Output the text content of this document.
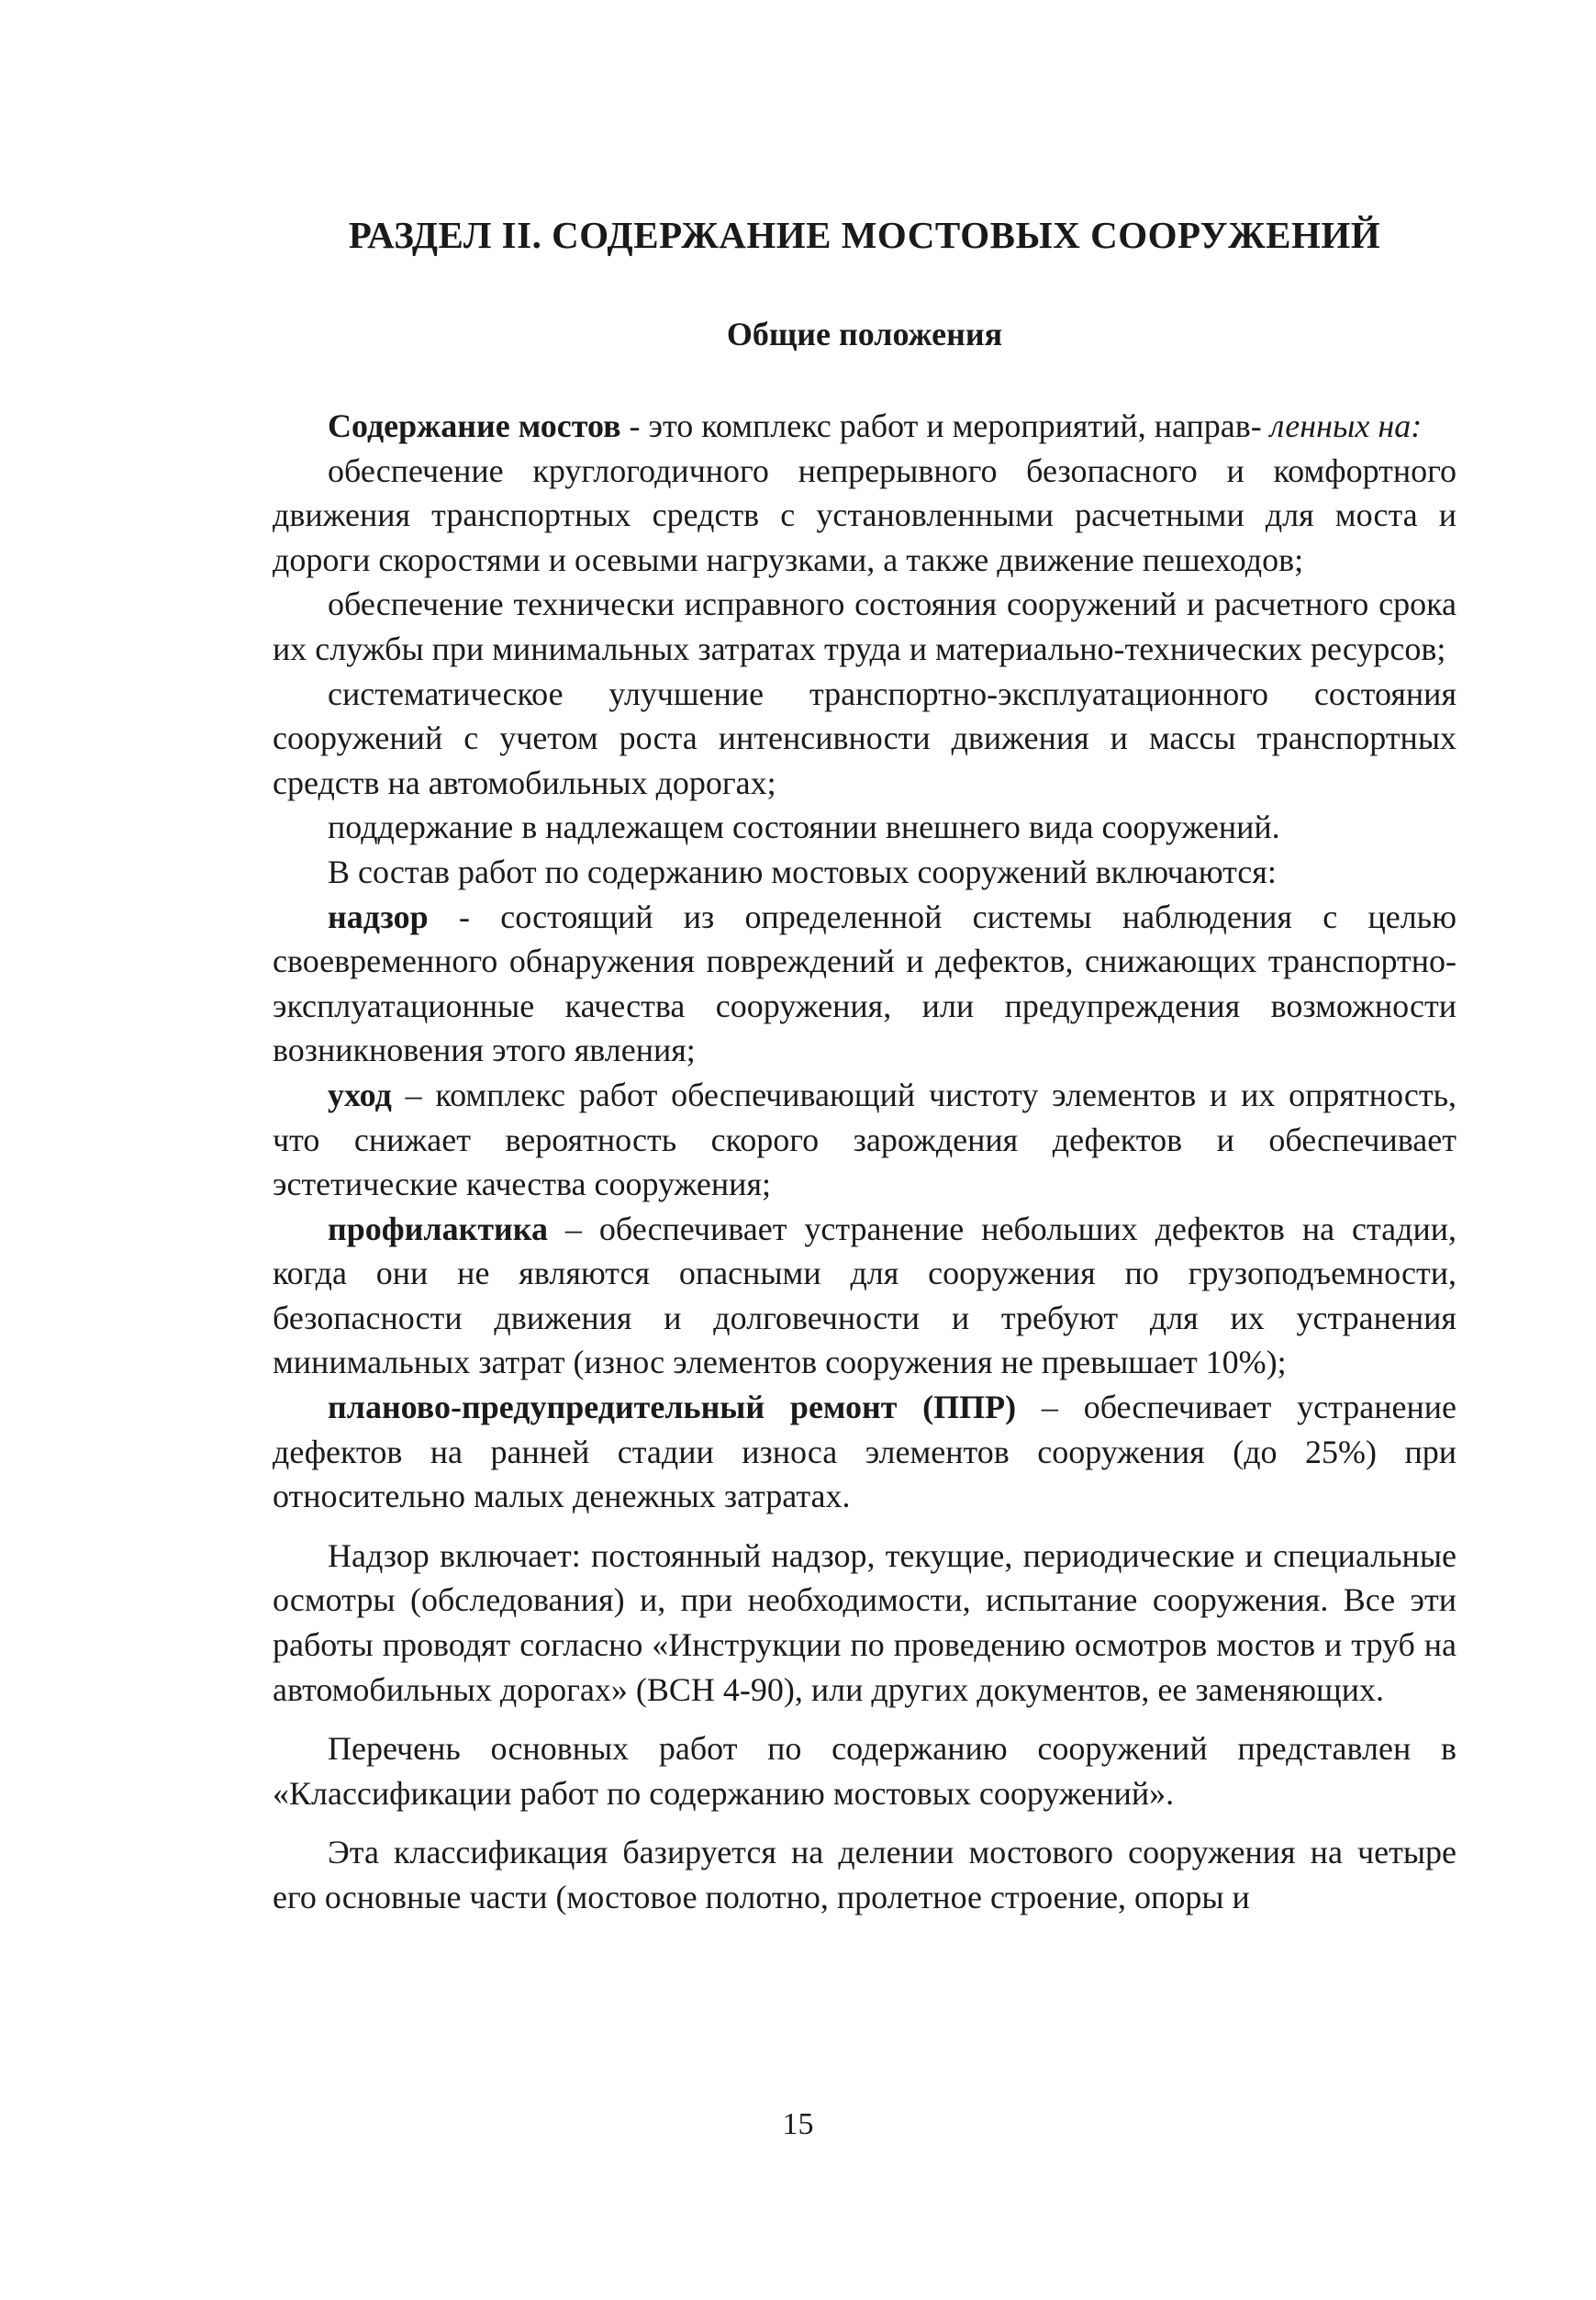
РАЗДЕЛ II. СОДЕРЖАНИЕ МОСТОВЫХ СООРУЖЕНИЙ
Общие положения

Содержание мостов - это комплекс работ и мероприятий, направ- ленных на:

обеспечение круглогодичного непрерывного безопасного и комфортного движения транспортных средств с установленными расчетными для моста и дороги скоростями и осевыми нагрузками, а также движение пешеходов;

обеспечение технически исправного состояния сооружений и расчетного срока их службы при минимальных затратах труда и материально-технических ресурсов;

систематическое улучшение транспортно-эксплуатационного состояния сооружений с учетом роста интенсивности движения и массы транспортных средств на автомобильных дорогах;

поддержание в надлежащем состоянии внешнего вида сооружений.

В состав работ по содержанию мостовых сооружений включаются:

надзор - состоящий из определенной системы наблюдения с целью своевременного обнаружения повреждений и дефектов, снижающих транспортно-эксплуатационные качества сооружения, или предупреждения возможности возникновения этого явления;

уход – комплекс работ обеспечивающий чистоту элементов и их опрятность, что снижает вероятность скорого зарождения дефектов и обеспечивает эстетические качества сооружения;

профилактика – обеспечивает устранение небольших дефектов на стадии, когда они не являются опасными для сооружения по грузоподъемности, безопасности движения и долговечности и требуют для их устранения минимальных затрат (износ элементов сооружения не превышает 10%);

планово-предупредительный ремонт (ППР) – обеспечивает устранение дефектов на ранней стадии износа элементов сооружения (до 25%) при относительно малых денежных затратах.

Надзор включает: постоянный надзор, текущие, периодические и специальные осмотры (обследования) и, при необходимости, испытание сооружения. Все эти работы проводят согласно «Инструкции по проведению осмотров мостов и труб на автомобильных дорогах» (ВСН 4-90), или других документов, ее заменяющих.

Перечень основных работ по содержанию сооружений представлен в «Классификации работ по содержанию мостовых сооружений».

Эта классификация базируется на делении мостового сооружения на четыре его основные части (мостовое полотно, пролетное строение, опоры и

15
